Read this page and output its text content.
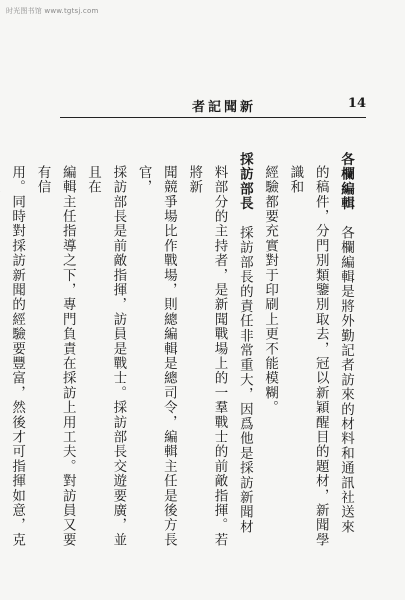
时光图书馆 www.tgtsj.com
新聞記者	14
各欄編輯　各欄編輯是將外勤記者訪來的材料和通訊社送來
的稿件，分門別類鑒別取去，冠以新穎醒目的題材，新聞學識和
經驗都要充實對于印刷上更不能模糊。
採訪部長　採訪部長的責任非常重大，因爲他是採訪新聞材
料部分的主持者，是新聞戰場上的一羣戰士的前敵指揮。若將新
聞競爭場比作戰場，則總編輯是總司令，編輯主任是後方長官，
採訪部長是前敵指揮，訪員是戰士。採訪部長交遊要廣，並且在
編輯主任指導之下，專門負責在採訪上用工夫。對訪員又要有信
用。同時對採訪新聞的經驗要豐富，然後才可指揮如意，克
